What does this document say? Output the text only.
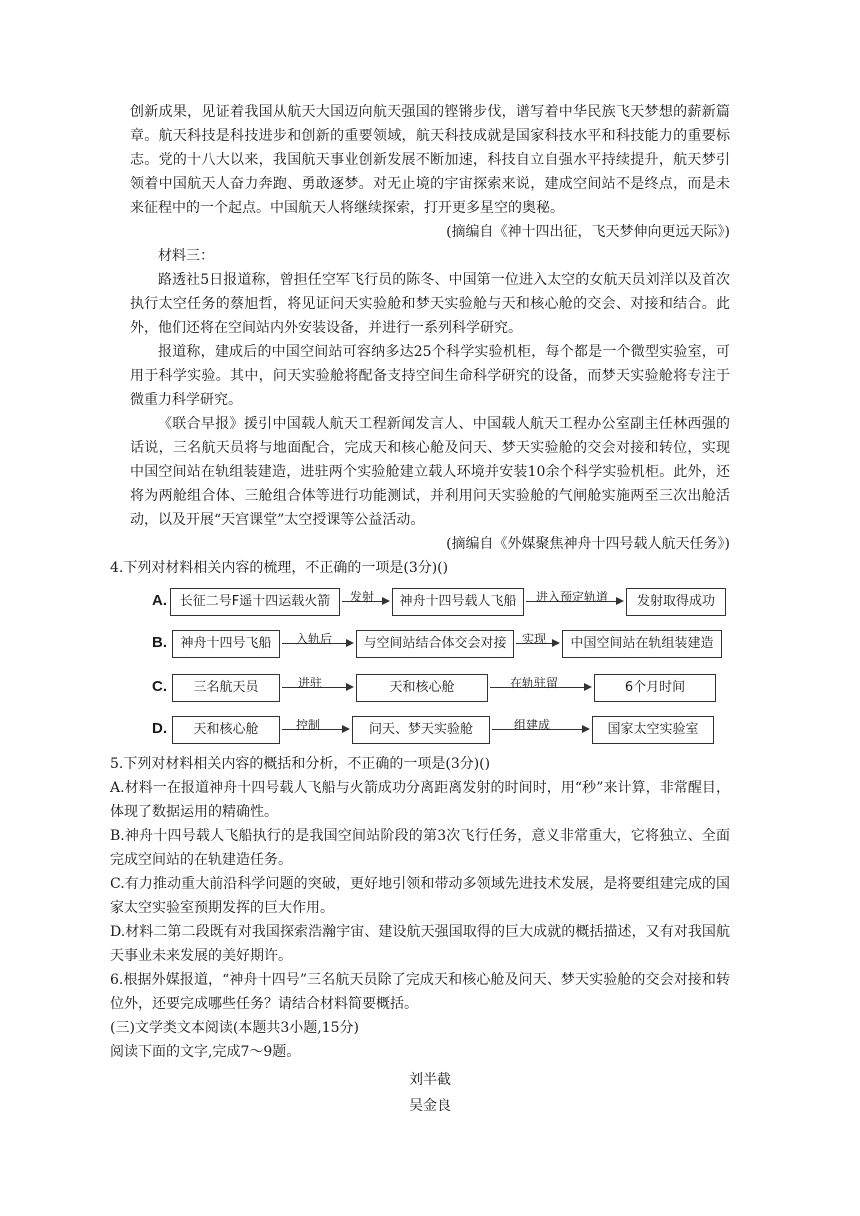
创新成果，见证着我国从航天大国迈向航天强国的铿锵步伐，谱写着中华民族飞天梦想的薪新篇章。航天科技是科技进步和创新的重要领域，航天科技成就是国家科技水平和科技能力的重要标志。党的十八大以来，我国航天事业创新发展不断加速，科技自立自强水平持续提升，航天梦引领着中国航天人奋力奔跑、勇敢逐梦。对无止境的宇宙探索来说，建成空间站不是终点，而是未来征程中的一个起点。中国航天人将继续探索，打开更多星空的奥秘。

(摘编自《神十四出征，飞天梦伸向更远天际》)

材料三：

路透社5日报道称，曾担任空军飞行员的陈冬、中国第一位进入太空的女航天员刘洋以及首次执行太空任务的蔡旭哲，将见证问天实验舱和梦天实验舱与天和核心舱的交会、对接和结合。此外，他们还将在空间站内外安装设备，并进行一系列科学研究。

报道称，建成后的中国空间站可容纳多达25个科学实验机柜，每个都是一个微型实验室，可用于科学实验。其中，问天实验舱将配备支持空间生命科学研究的设备，而梦天实验舱将专注于微重力科学研究。

《联合早报》援引中国载人航天工程新闻发言人、中国载人航天工程办公室副主任林西强的话说，三名航天员将与地面配合，完成天和核心舱及问天、梦天实验舱的交会对接和转位，实现中国空间站在轨组装建造，进驻两个实验舱建立载人环境并安装10余个科学实验机柜。此外，还将为两舱组合体、三舱组合体等进行功能测试，并利用问天实验舱的气闸舱实施两至三次出舱活动，以及开展“天宫课堂”太空授课等公益活动。

(摘编自《外媒聚焦神舟十四号载人航天任务》)

4.下列对材料相关内容的梳理，不正确的一项是(3分)()

A. 长征二号F遥十四运载火箭	发射	神舟十四号载人飞船	进入预定轨道	发射取得成功
B.	神舟十四号飞船	入轨后	与空间站结合体交会对接	实现	中国空间站在轨组装建造
C.	三名航天员	进驻	天和核心舱	在轨驻留	6个月时间
D.	天和核心舱	控制	问天、梦天实验舱	组建成	国家太空实验室

5.下列对材料相关内容的概括和分析，不正确的一项是(3分)()

A.材料一在报道神舟十四号载人飞船与火箭成功分离距离发射的时间时，用“秒”来计算，非常醒目，体现了数据运用的精确性。

B.神舟十四号载人飞船执行的是我国空间站阶段的第3次飞行任务，意义非常重大，它将独立、全面完成空间站的在轨建造任务。

C.有力推动重大前沿科学问题的突破，更好地引领和带动多领域先进技术发展，是将要组建完成的国家太空实验室预期发挥的巨大作用。

D.材料二第二段既有对我国探索浩瀚宇宙、建设航天强国取得的巨大成就的概括描述，又有对我国航天事业未来发展的美好期许。

6.根据外媒报道，“神舟十四号”三名航天员除了完成天和核心舱及问天、梦天实验舱的交会对接和转位外，还要完成哪些任务？请结合材料简要概括。

(三)文学类文本阅读(本题共3小题,15分)

阅读下面的文字,完成7～9题。

刘半截
吴金良
